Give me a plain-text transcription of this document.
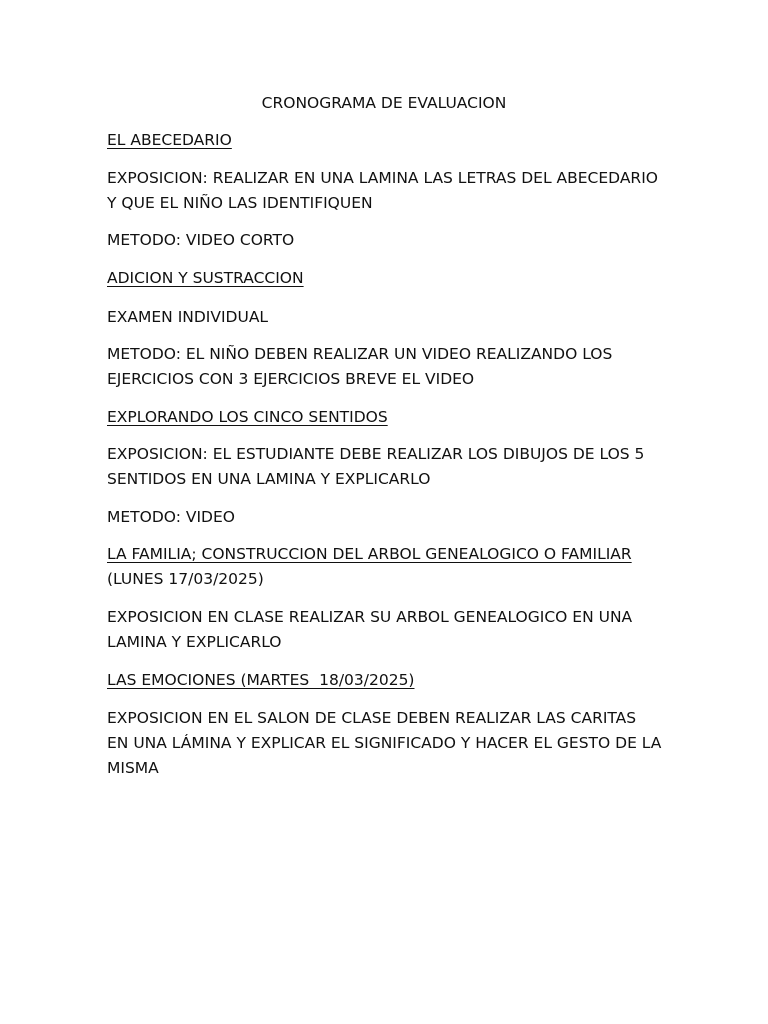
CRONOGRAMA DE EVALUACION
EL ABECEDARIO
EXPOSICION: REALIZAR EN UNA LAMINA LAS LETRAS DEL ABECEDARIO
Y QUE EL NIÑO LAS IDENTIFIQUEN
METODO: VIDEO CORTO
ADICION Y SUSTRACCION
EXAMEN INDIVIDUAL
METODO: EL NIÑO DEBEN REALIZAR UN VIDEO REALIZANDO LOS
EJERCICIOS CON 3 EJERCICIOS BREVE EL VIDEO
EXPLORANDO LOS CINCO SENTIDOS
EXPOSICION: EL ESTUDIANTE DEBE REALIZAR LOS DIBUJOS DE LOS 5
SENTIDOS EN UNA LAMINA Y EXPLICARLO
METODO: VIDEO
LA FAMILIA; CONSTRUCCION DEL ARBOL GENEALOGICO O FAMILIAR
(LUNES 17/03/2025)
EXPOSICION EN CLASE REALIZAR SU ARBOL GENEALOGICO EN UNA
LAMINA Y EXPLICARLO
LAS EMOCIONES (MARTES  18/03/2025)
EXPOSICION EN EL SALON DE CLASE DEBEN REALIZAR LAS CARITAS
EN UNA LÁMINA Y EXPLICAR EL SIGNIFICADO Y HACER EL GESTO DE LA
MISMA
